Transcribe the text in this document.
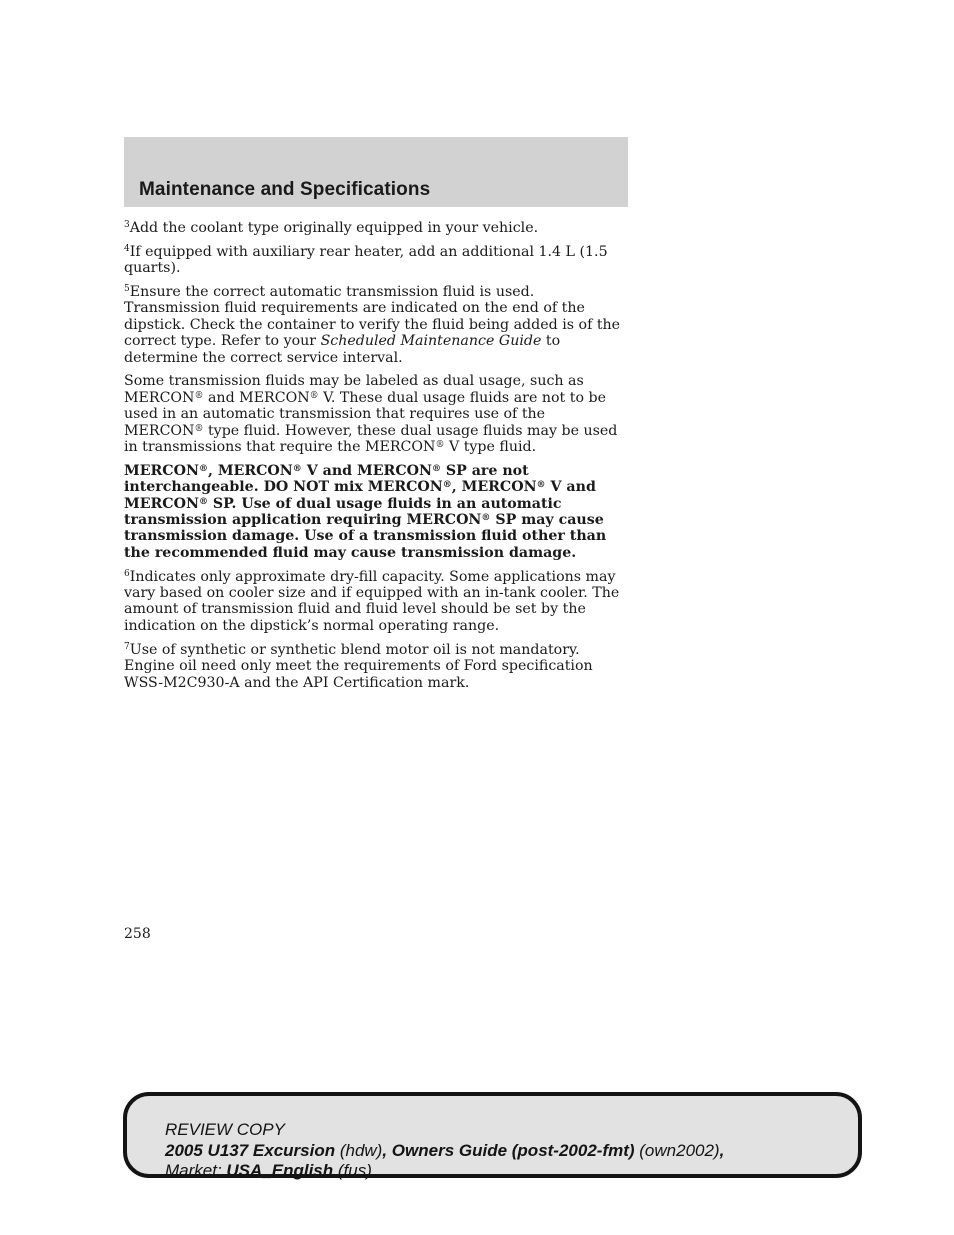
Maintenance and Specifications

$^3$Add the coolant type originally equipped in your vehicle.

$^4$If equipped with auxiliary rear heater, add an additional 1.4 L (1.5 quarts).

$^5$Ensure the correct automatic transmission fluid is used. Transmission fluid requirements are indicated on the end of the dipstick. Check the container to verify the fluid being added is of the correct type. Refer to your Scheduled Maintenance Guide to determine the correct service interval.

Some transmission fluids may be labeled as dual usage, such as MERCON® and MERCON® V. These dual usage fluids are not to be used in an automatic transmission that requires use of the MERCON® type fluid. However, these dual usage fluids may be used in transmissions that require the MERCON® V type fluid.

MERCON®, MERCON® V and MERCON® SP are not interchangeable. DO NOT mix MERCON®, MERCON® V and MERCON® SP. Use of dual usage fluids in an automatic transmission application requiring MERCON® SP may cause transmission damage. Use of a transmission fluid other than the recommended fluid may cause transmission damage.

$^6$Indicates only approximate dry-fill capacity. Some applications may vary based on cooler size and if equipped with an in-tank cooler. The amount of transmission fluid and fluid level should be set by the indication on the dipstick’s normal operating range.

$^7$Use of synthetic or synthetic blend motor oil is not mandatory. Engine oil need only meet the requirements of Ford specification WSS-M2C930-A and the API Certification mark.

258
REVIEW COPY
2005 U137 Excursion (hdw), Owners Guide (post-2002-fmt) (own2002),
Market: USA_English (fus)
